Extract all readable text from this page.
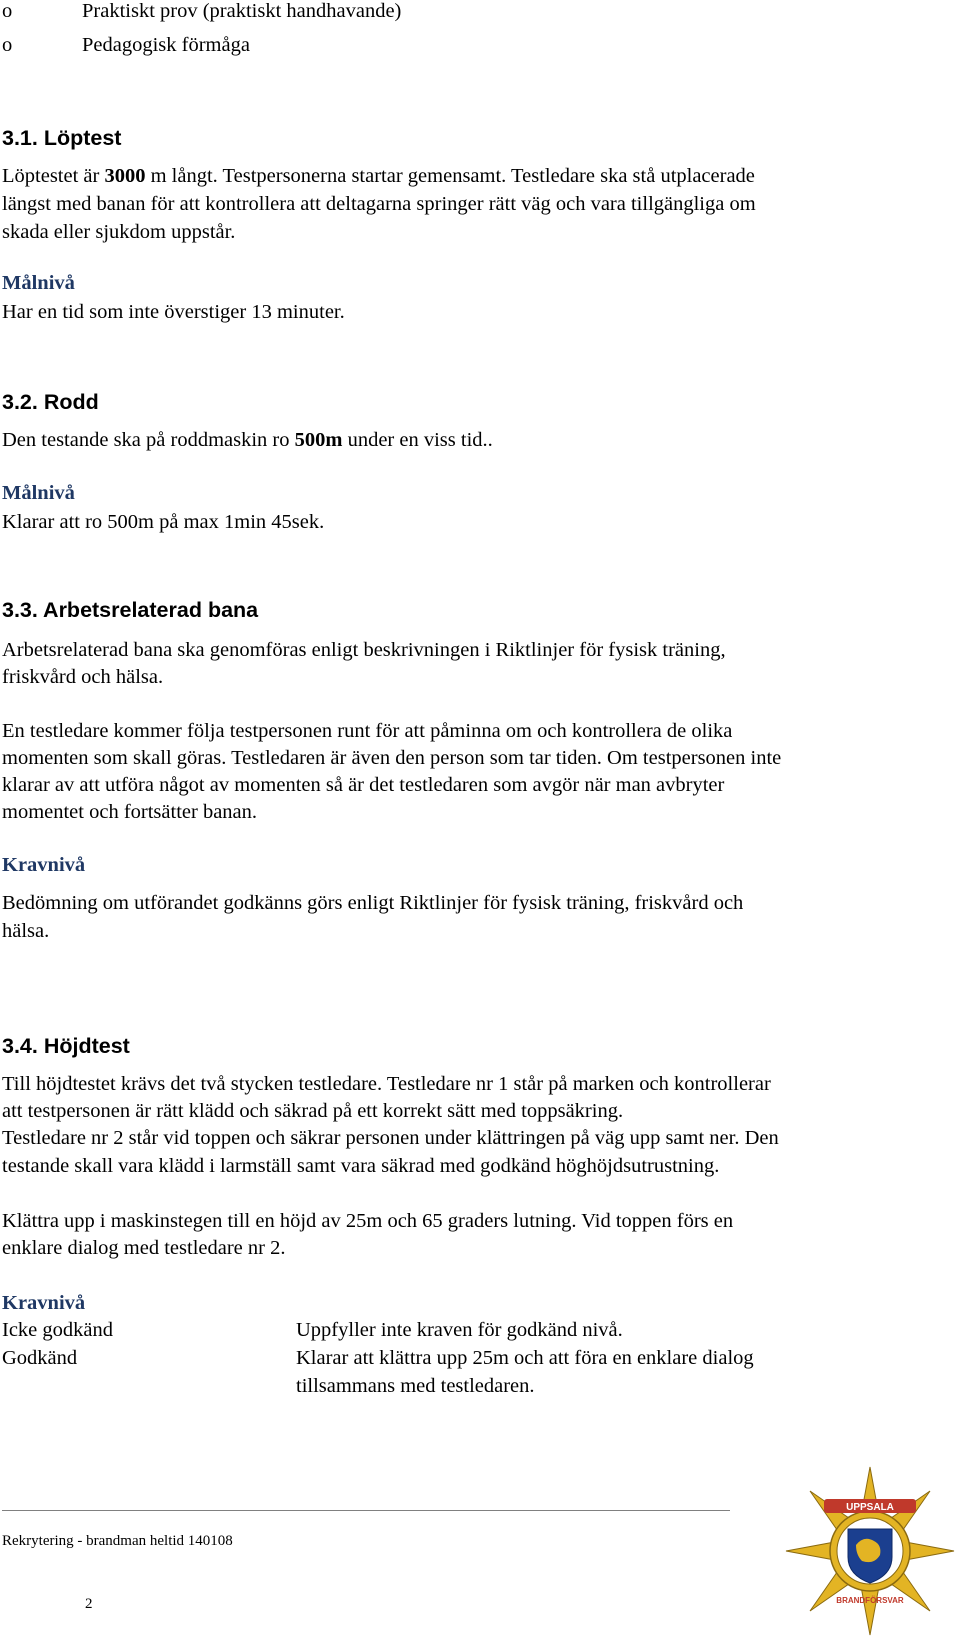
o	Praktiskt prov (praktiskt handhavande)
o	Pedagogisk förmåga
3.1. Löptest
Löptestet är 3000 m långt. Testpersonerna startar gemensamt. Testledare ska stå utplacerade
längst med banan för att kontrollera att deltagarna springer rätt väg och vara tillgängliga om
skada eller sjukdom uppstår.
Målnivå
Har en tid som inte överstiger 13 minuter.
3.2. Rodd
Den testande ska på roddmaskin ro 500m under en viss tid..
Målnivå
Klarar att ro 500m på max 1min 45sek.
3.3. Arbetsrelaterad bana
Arbetsrelaterad bana ska genomföras enligt beskrivningen i Riktlinjer för fysisk träning,
friskvård och hälsa.
En testledare kommer följa testpersonen runt för att påminna om och kontrollera de olika
momenten som skall göras. Testledaren är även den person som tar tiden. Om testpersonen inte
klarar av att utföra något av momenten så är det testledaren som avgör när man avbryter
momentet och fortsätter banan.
Kravnivå
Bedömning om utförandet godkänns görs enligt Riktlinjer för fysisk träning, friskvård och
hälsa.
3.4. Höjdtest
Till höjdtestet krävs det två stycken testledare. Testledare nr 1 står på marken och kontrollerar
att testpersonen är rätt klädd och säkrad på ett korrekt sätt med toppsäkring.
Testledare nr 2 står vid toppen och säkrar personen under klättringen på väg upp samt ner. Den
testande skall vara klädd i larmställ samt vara säkrad med godkänd höghöjdsutrustning.
Klättra upp i maskinstegen till en höjd av 25m och 65 graders lutning. Vid toppen förs en
enklare dialog med testledare nr 2.
Kravnivå
Icke godkänd	Uppfyller inte kraven för godkänd nivå.
Godkänd	Klarar att klättra upp 25m och att föra en enklare dialog
tillsammans med testledaren.
Rekrytering - brandman heltid 140108
2
UPPSALA
BRANDFÖRSVAR
